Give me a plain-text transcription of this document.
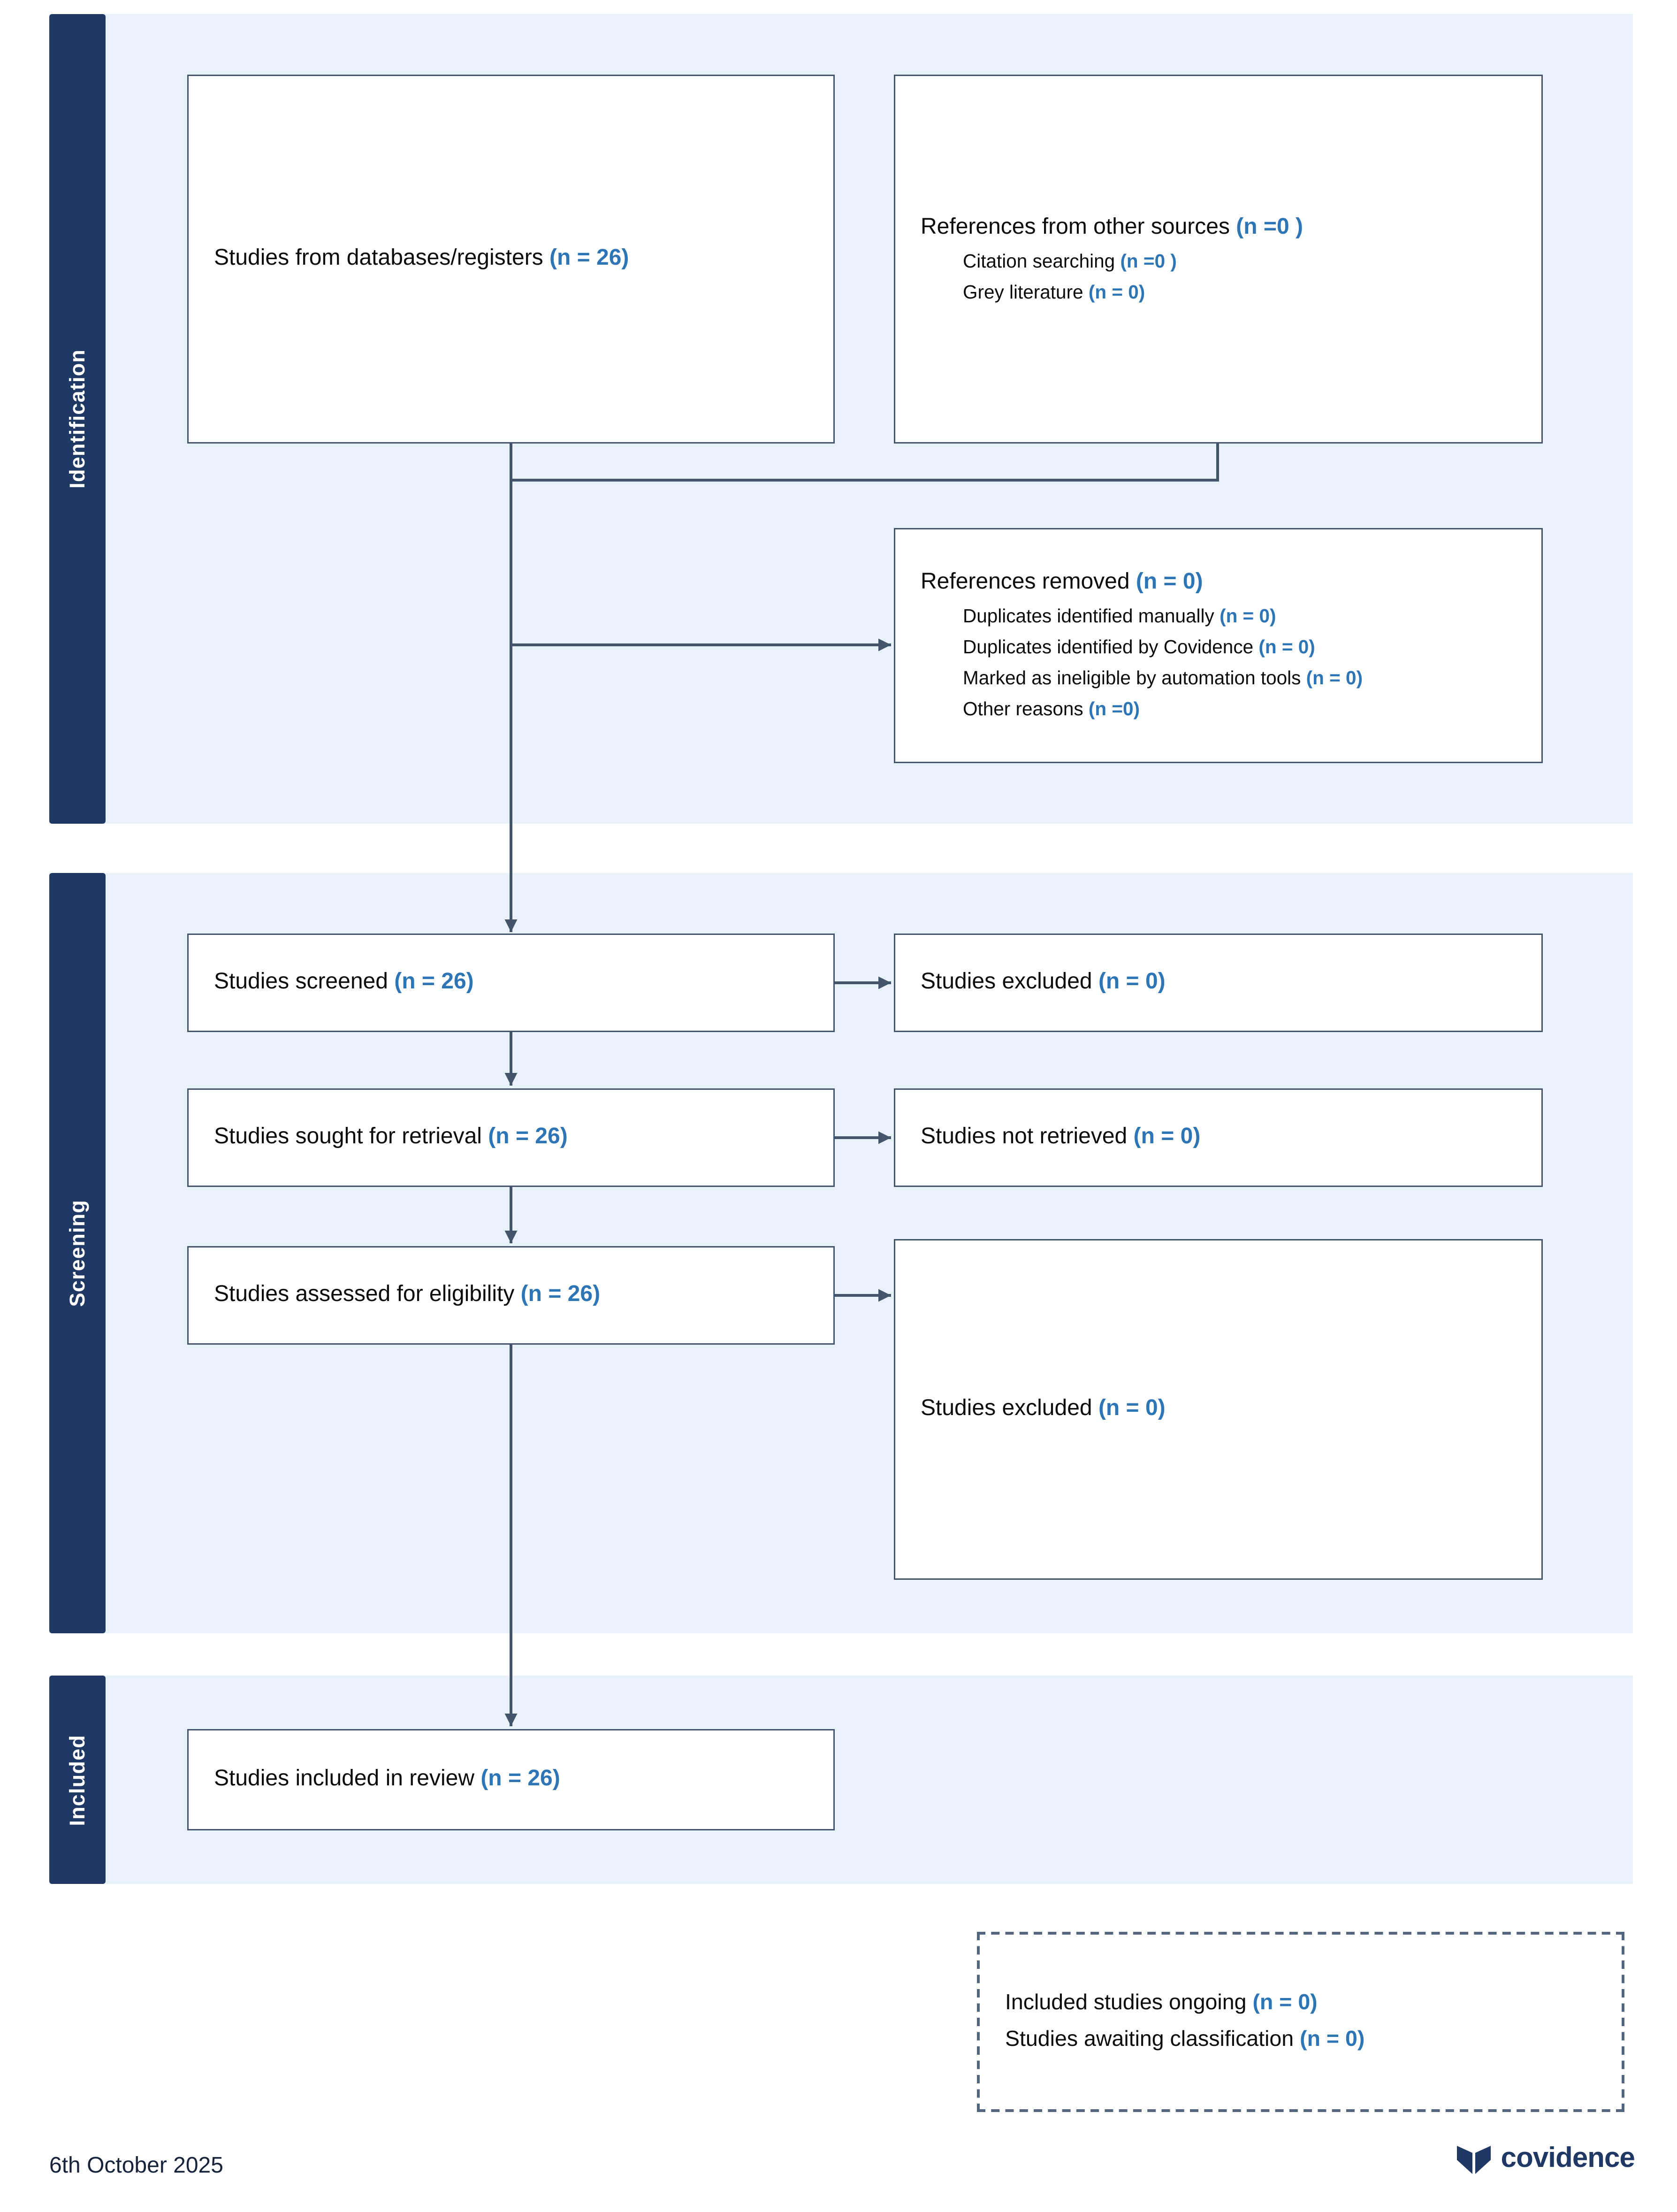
Identification
Screening
Included
Studies from databases/registers (n = 26)
References from other sources (n =0 )
Citation searching (n =0 )
Grey literature (n = 0)
References removed (n = 0)
Duplicates identified manually (n = 0)
Duplicates identified by Covidence (n = 0)
Marked as ineligible by automation tools (n = 0)
Other reasons (n =0)
Studies screened (n = 26)	Studies excluded (n = 0)
Studies sought for retrieval (n = 26)	Studies not retrieved (n = 0)
Studies assessed for eligibility (n = 26)
Studies excluded (n = 0)
Studies included in review (n = 26)
Included studies ongoing (n = 0)
Studies awaiting classification (n = 0)
6th October 2025	covidence
